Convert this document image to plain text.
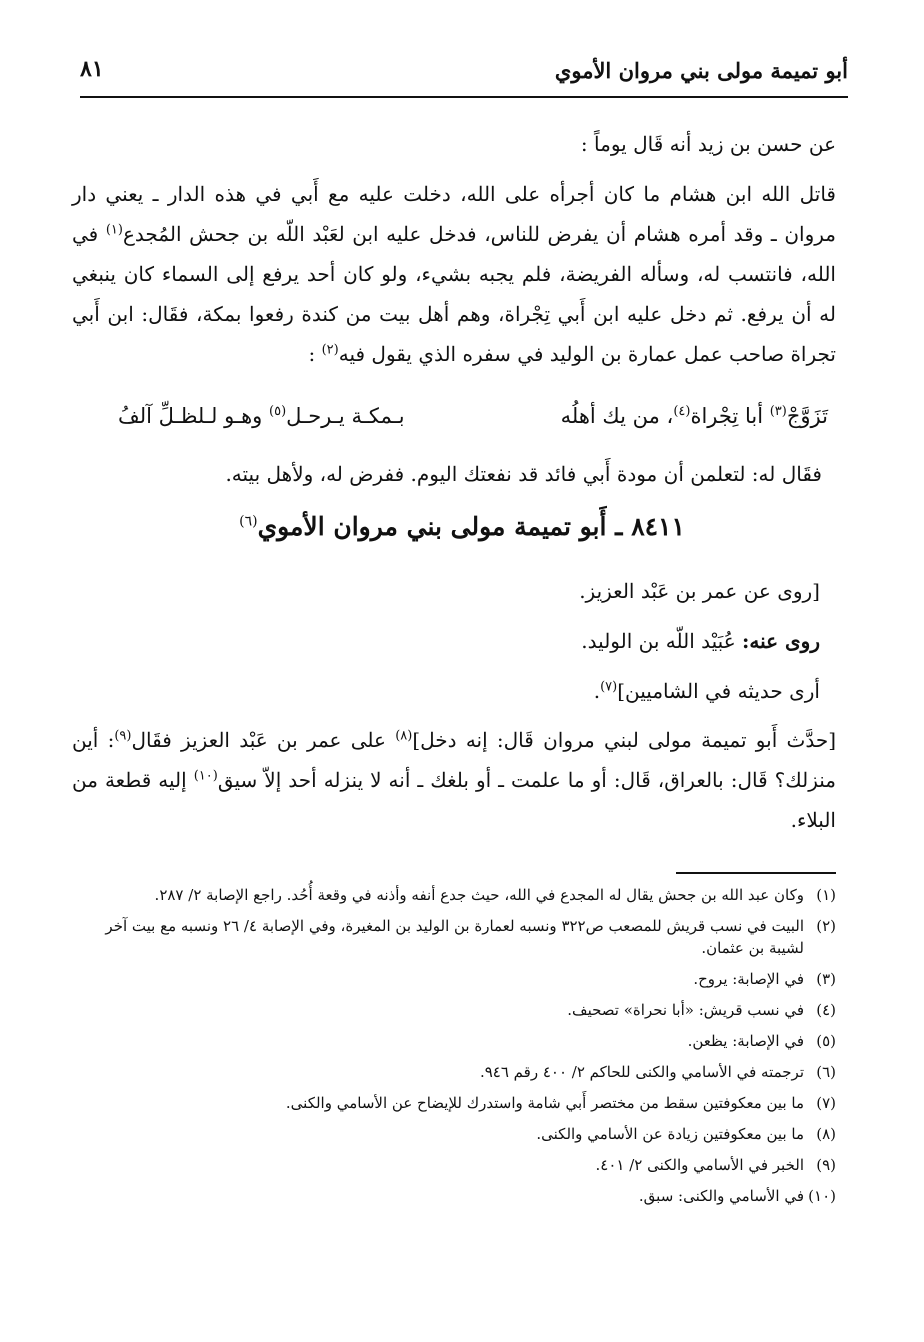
أبو تميمة مولى بني مروان الأموي
٨١

عن حسن بن زيد أنه قَال يوماً :

قاتل الله ابن هشام ما كان أجرأه على الله، دخلت عليه مع أَبي في هذه الدار ـ يعني دار مروان ـ وقد أمره هشام أن يفرض للناس، فدخل عليه ابن لعَبْد اللّه بن جحش المُجدع$^{(١)}$ في الله، فانتسب له، وسأله الفريضة، فلم يجبه بشيء، ولو كان أحد يرفع إلى السماء كان ينبغي له أن يرفع. ثم دخل عليه ابن أَبي تِجْراة، وهم أهل بيت من كندة رفعوا بمكة، فقَال: ابن أَبي تجراة صاحب عمل عمارة بن الوليد في سفره الذي يقول فيه$^{(٢)}$ :

تَزَوَّجْ$^{(٣)}$ أبا تِجْراة$^{(٤)}$، من يك أهلُه
بـمكـة يـرحـل$^{(٥)}$ وهـو لـلظـلِّ آلفُ
فقَال له: لتعلمن أن مودة أَبي فائد قد نفعتك اليوم. ففرض له، ولأهل بيته.
٨٤١١ ـ أَبو تميمة مولى بني مروان الأموي$^{(٦)}$

[روى عن عمر بن عَبْد العزيز.

روى عنه: عُبَيْد اللّه بن الوليد.

أرى حديثه في الشاميين]$^{(٧)}$.

[حدَّث أَبو تميمة مولى لبني مروان قَال: إنه دخل]$^{(٨)}$ على عمر بن عَبْد العزيز فقَال$^{(٩)}$: أين منزلك؟ قَال: بالعراق، قَال: أو ما علمت ـ أو بلغك ـ أنه لا ينزله أحد إلاّ سيق$^{(١٠)}$ إليه قطعة من البلاء.

(١)
وكان عبد الله بن جحش يقال له المجدع في الله، حيث جدع أنفه وأذنه في وقعة أُحُد. راجع الإصابة ٢/ ٢٨٧.
(٢)
البيت في نسب قريش للمصعب ص٣٢٢ ونسبه لعمارة بن الوليد بن المغيرة، وفي الإصابة ٤/ ٢٦ ونسبه مع بيت آخر لشيبة بن عثمان.
(٣)
في الإصابة: يروح.
(٤)
في نسب قريش: «أبا نحراة» تصحيف.
(٥)
في الإصابة: يظعن.
(٦)
ترجمته في الأسامي والكنى للحاكم ٢/ ٤٠٠ رقم ٩٤٦.
(٧)
ما بين معكوفتين سقط من مختصر أَبي شامة واستدرك للإيضاح عن الأسامي والكنى.
(٨)
ما بين معكوفتين زيادة عن الأسامي والكنى.
(٩)
الخبر في الأسامي والكنى ٢/ ٤٠١.
(١٠)
في الأسامي والكنى: سبق.
